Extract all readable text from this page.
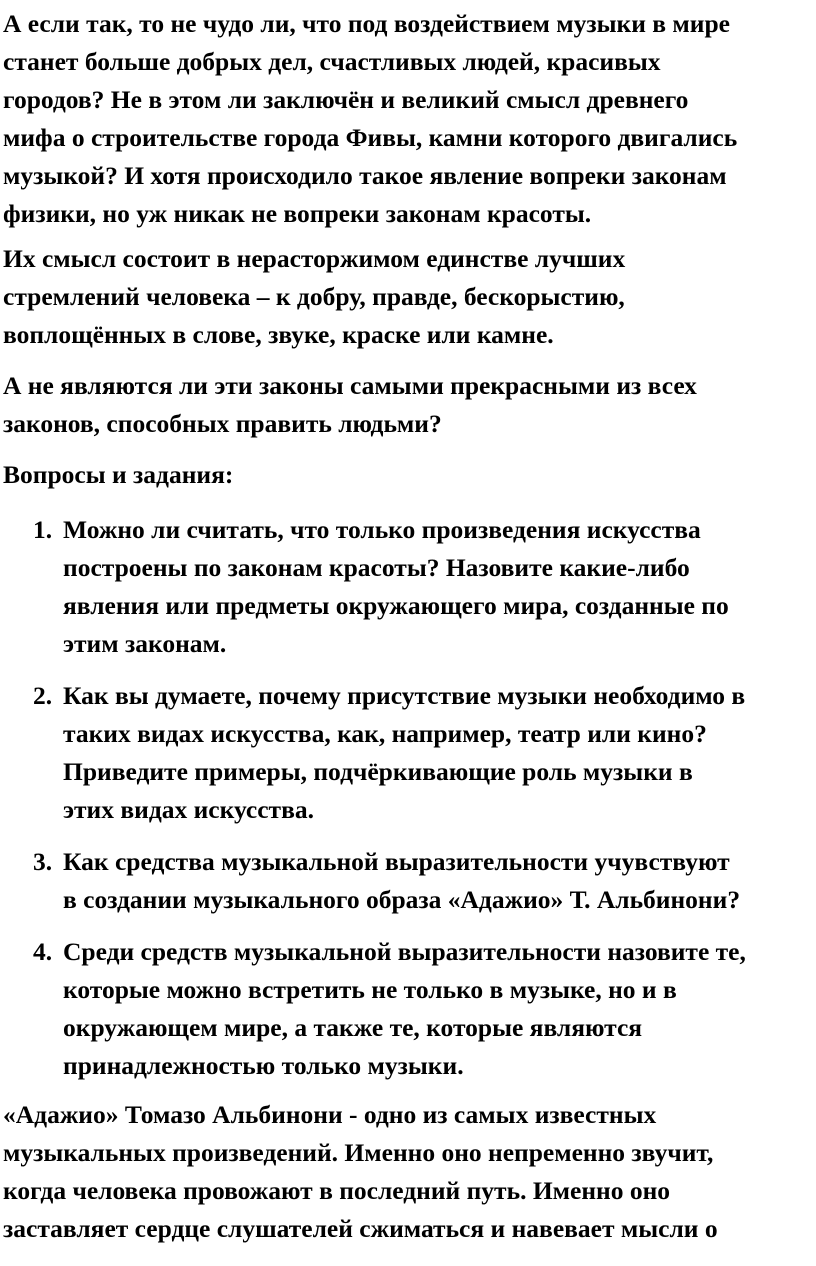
А если так, то не чудо ли, что под воздействием музыки в мире
станет больше добрых дел, счастливых людей, красивых
городов? Не в этом ли заключён и великий смысл древнего
мифа о строительстве города Фивы, камни которого двигались
музыкой? И хотя происходило такое явление вопреки законам
физики, но уж никак не вопреки законам красоты.
Их смысл состоит в нерасторжимом единстве лучших
стремлений человека – к добру, правде, бескорыстию,
воплощённых в слове, звуке, краске или камне.
А не являются ли эти законы самыми прекрасными из всех
законов, способных править людьми?
Вопросы и задания:
1. Можно ли считать, что только произведения искусства
построены по законам красоты? Назовите какие-либо
явления или предметы окружающего мира, созданные по
этим законам.
2. Как вы думаете, почему присутствие музыки необходимо в
таких видах искусства, как, например, театр или кино?
Приведите примеры, подчёркивающие роль музыки в
этих видах искусства.
3. Как средства музыкальной выразительности учувствуют
в создании музыкального образа «Адажио» Т. Альбинони?
4. Среди средств музыкальной выразительности назовите те,
которые можно встретить не только в музыке, но и в
окружающем мире, а также те, которые являются
принадлежностью только музыки.
«Адажио» Томазо Альбинони - одно из самых известных
музыкальных произведений. Именно оно непременно звучит,
когда человека провожают в последний путь. Именно оно
заставляет сердце слушателей сжиматься и навевает мысли о
